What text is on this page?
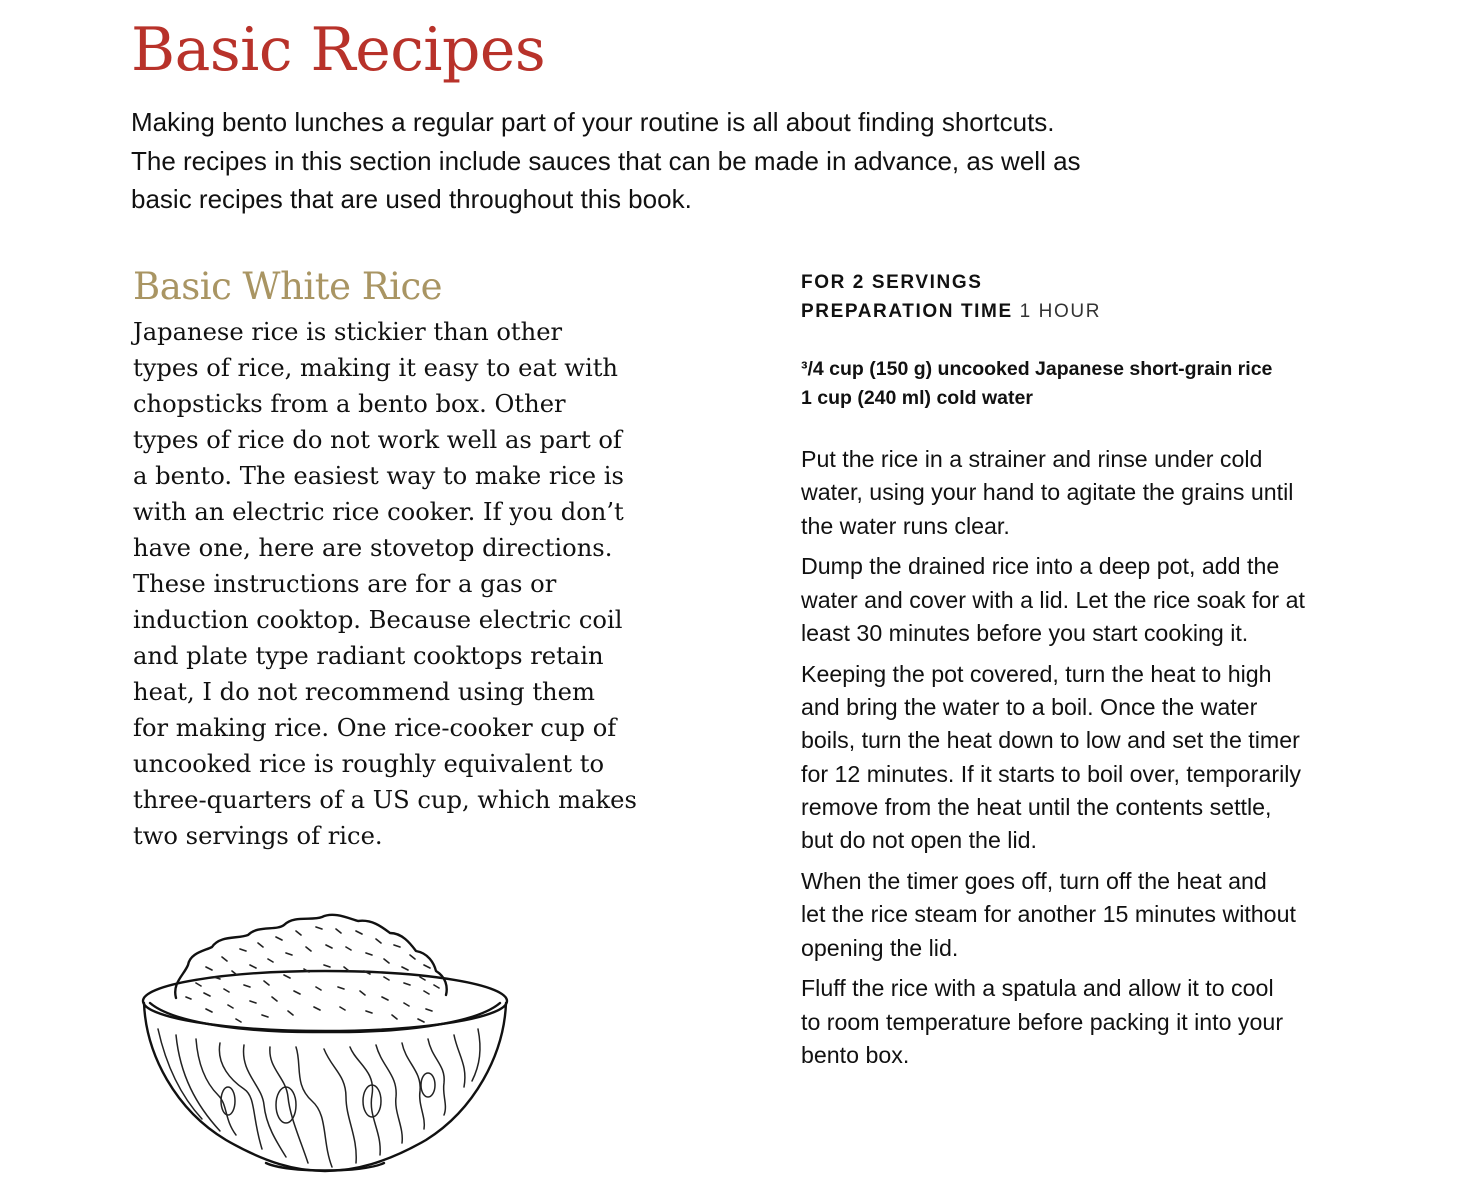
Basic Recipes
Making bento lunches a regular part of your routine is all about finding shortcuts.
The recipes in this section include sauces that can be made in advance, as well as
basic recipes that are used throughout this book.
Basic White Rice
Japanese rice is stickier than other
types of rice, making it easy to eat with
chopsticks from a bento box. Other
types of rice do not work well as part of
a bento. The easiest way to make rice is
with an electric rice cooker. If you don’t
have one, here are stovetop directions.
These instructions are for a gas or
induction cooktop. Because electric coil
and plate type radiant cooktops retain
heat, I do not recommend using them
for making rice. One rice-cooker cup of
uncooked rice is roughly equivalent to
three-quarters of a US cup, which makes
two servings of rice.
FOR 2 SERVINGS
PREPARATION TIME 1 HOUR
³/4 cup (150 g) uncooked Japanese short-grain rice
1 cup (240 ml) cold water
Put the rice in a strainer and rinse under cold
water, using your hand to agitate the grains until
the water runs clear.
Dump the drained rice into a deep pot, add the
water and cover with a lid. Let the rice soak for at
least 30 minutes before you start cooking it.
Keeping the pot covered, turn the heat to high
and bring the water to a boil. Once the water
boils, turn the heat down to low and set the timer
for 12 minutes. If it starts to boil over, temporarily
remove from the heat until the contents settle,
but do not open the lid.
When the timer goes off, turn off the heat and
let the rice steam for another 15 minutes without
opening the lid.
Fluff the rice with a spatula and allow it to cool
to room temperature before packing it into your
bento box.
